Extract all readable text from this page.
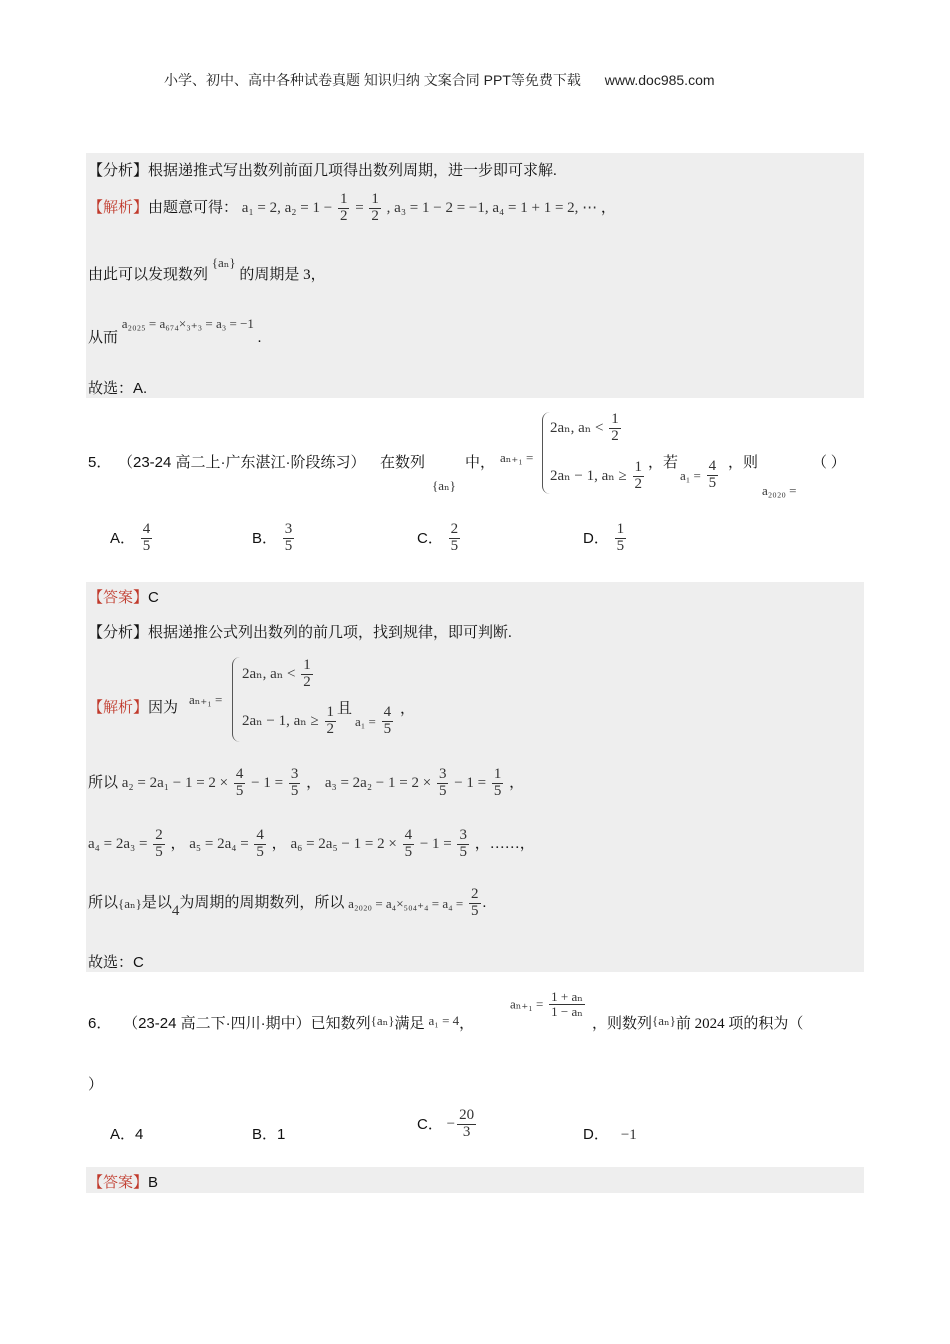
小学、初中、高中各种试卷真题 知识归纳 文案合同 PPT等免费下载 www.doc985.com
【分析】根据递推式写出数列前面几项得出数列周期，进一步即可求解.
【解析】由题意可得： a₁ = 2, $a_2 = 1 - \frac{1}{2} = \frac{1}{2}$ , a₃ = 1 − 2 = −1, a₄ = 1 + 1 = 2, ⋯ ，
由此可以发现数列 {aₙ} 的周期是 3，
从而 a₂₀₂₅ = a₆₇₄×₃₊₃ = a₃ = −1 .
故选：A.
5． （23-24 高二上·广东湛江·阶段练习） 在数列
{aₙ}
中， aₙ₊₁ =
2aₙ, $a_n < \frac{1}{2}$
2aₙ − 1, $a_n \ge \frac{1}{2}$ ，若
$a_1 = \frac{4}{5}$ ，则
a₂₀₂₀ =
（ ）
A． $\frac{4}{5}$	B． $\frac{3}{5}$	C． $\frac{2}{5}$	D． $\frac{1}{5}$
【答案】C
【分析】根据递推公式列出数列的前几项，找到规律，即可判断.
【解析】因为
aₙ₊₁ =
2aₙ, $a_n < \frac{1}{2}$
2aₙ − 1, $a_n \ge \frac{1}{2}$ 且
$a_1 = \frac{4}{5}$ ，
所以 $a_2 = 2a_1 - 1 = 2 \times \frac{4}{5} - 1 = \frac{3}{5}$ ， $a_3 = 2a_2 - 1 = 2 \times \frac{3}{5} - 1 = \frac{1}{5}$ ，
$a_4 = 2a_3 = \frac{2}{5}$ ， $a_5 = 2a_4 = \frac{4}{5}$ ， $a_6 = 2a_5 - 1 = 2 \times \frac{4}{5} - 1 = \frac{3}{5}$ ，……，
所以{aₙ}是以4为周期的周期数列，所以 $a_{2020} = a_4\times_{504+4} = a_4 = \frac{2}{5}$ .
故选：C
6． （23-24 高二下·四川·期中）已知数列{aₙ}满足 a₁ = 4，
$a_{n+1} = \frac{\text{1 + aₙ}}{\text{1 − aₙ}}$
，则数列{aₙ}前 2024 项的积为（
）
A．4	B．1
C． − $\frac{20}{3}$	D． −1
【答案】B
